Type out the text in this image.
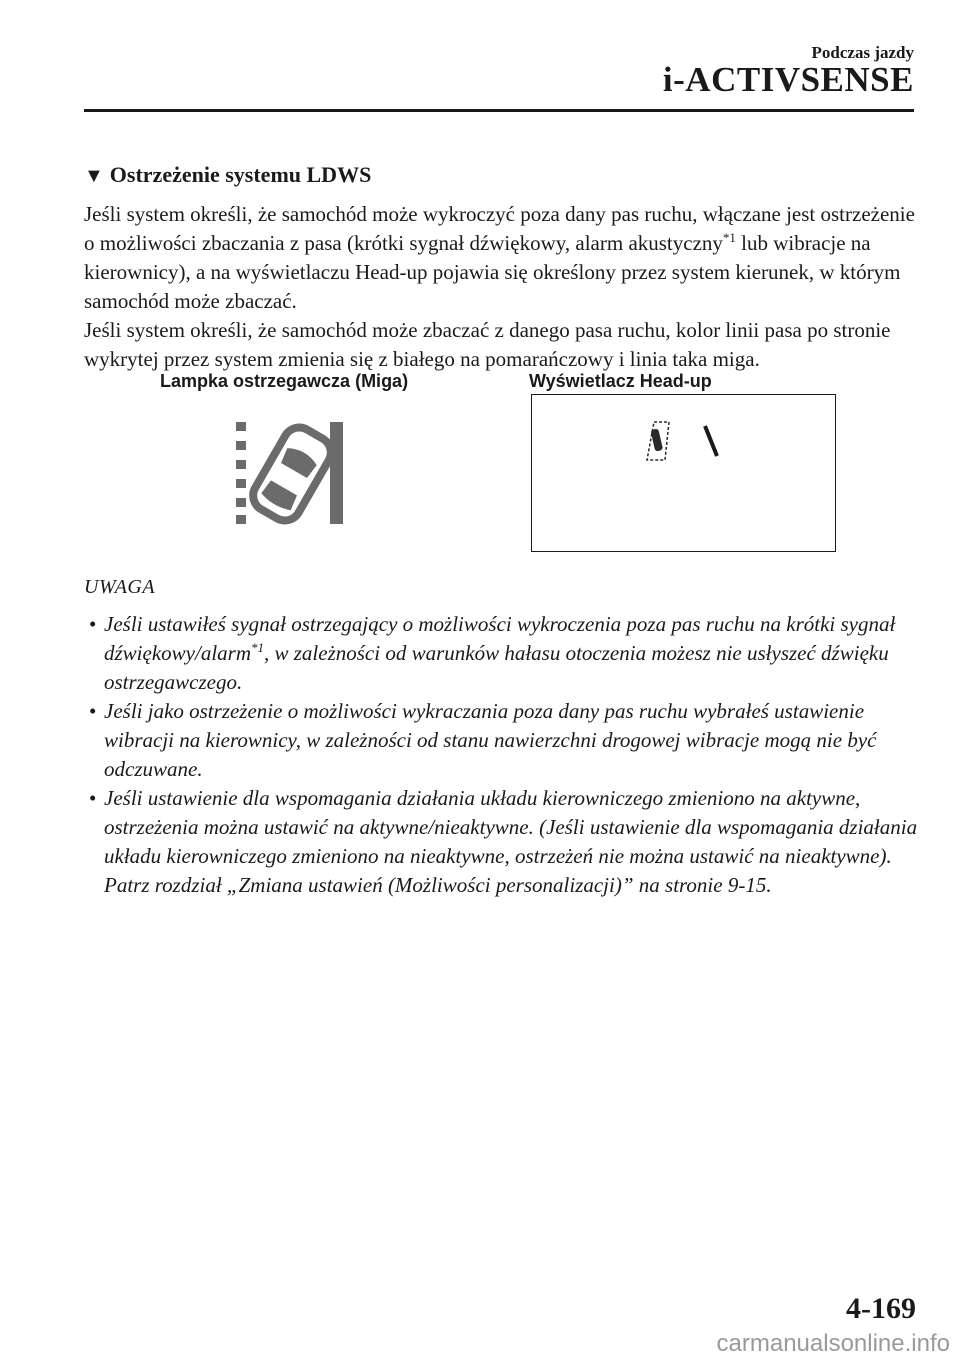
Podczas jazdy
i-ACTIVSENSE
▼ Ostrzeżenie systemu LDWS

Jeśli system określi, że samochód może wykroczyć poza dany pas ruchu, włączane jest ostrzeżenie o możliwości zbaczania z pasa (krótki sygnał dźwiękowy, alarm akustyczny$^{*1}$ lub wibracje na kierownicy), a na wyświetlaczu Head-up pojawia się określony przez system kierunek, w którym samochód może zbaczać.

Jeśli system określi, że samochód może zbaczać z danego pasa ruchu, kolor linii pasa po stronie wykrytej przez system zmienia się z białego na pomarańczowy i linia taka miga.

Lampka ostrzegawcza (Miga)	Wyświetlacz Head-up
UWAGA
• Jeśli ustawiłeś sygnał ostrzegający o możliwości wykroczenia poza pas ruchu na krótki sygnał dźwiękowy/alarm$^{*1}$, w zależności od warunków hałasu otoczenia możesz nie usłyszeć dźwięku ostrzegawczego.

• Jeśli jako ostrzeżenie o możliwości wykraczania poza dany pas ruchu wybrałeś ustawienie wibracji na kierownicy, w zależności od stanu nawierzchni drogowej wibracje mogą nie być odczuwane.

• Jeśli ustawienie dla wspomagania działania układu kierowniczego zmieniono na aktywne, ostrzeżenia można ustawić na aktywne/nieaktywne. (Jeśli ustawienie dla wspomagania działania układu kierowniczego zmieniono na nieaktywne, ostrzeżeń nie można ustawić na nieaktywne).

Patrz rozdział „Zmiana ustawień (Możliwości personalizacji)” na stronie 9-15.

4-169
carmanualsonline.info
